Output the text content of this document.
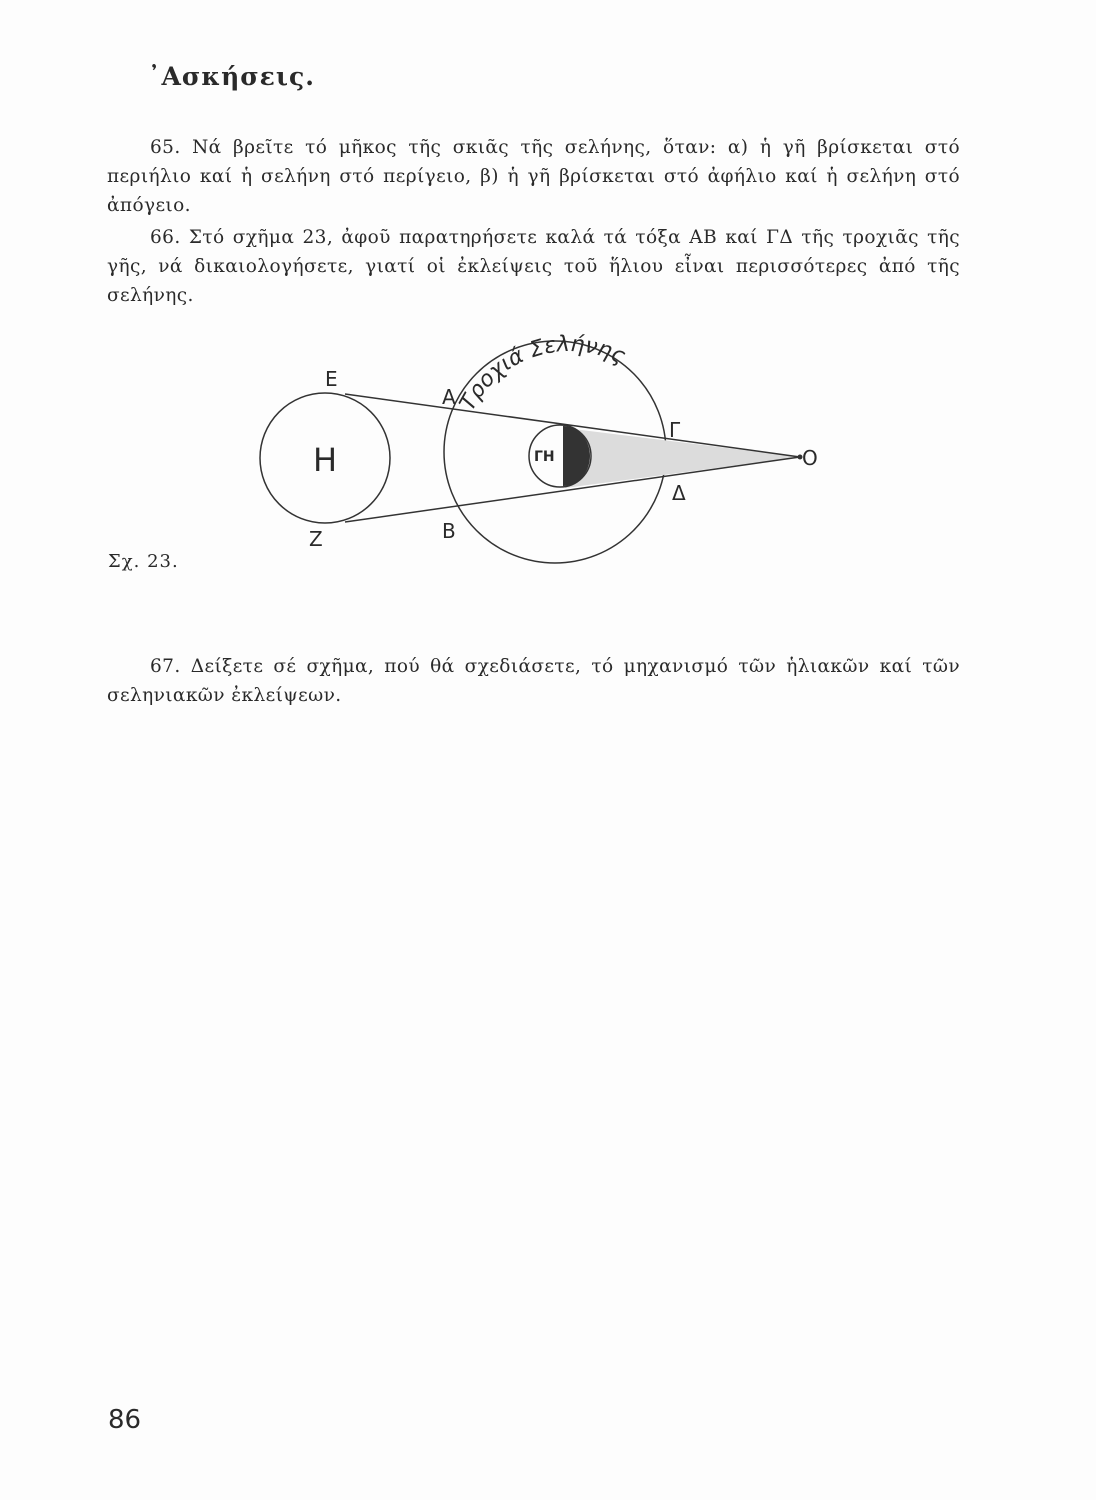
᾿Ασκήσεις.
65. Νά βρεῖτε τό μῆκος τῆς σκιᾶς τῆς σελήνης, ὅταν: α) ἡ γῆ βρίσκεται στό περιήλιο καί ἡ σελήνη στό περίγειο, β) ἡ γῆ βρίσκεται στό ἀφήλιο καί ἡ σελήνη στό ἀπόγειο.
66. Στό σχῆμα 23, ἀφοῦ παρατηρήσετε καλά τά τόξα ΑΒ καί ΓΔ τῆς τροχιᾶς τῆς γῆς, νά δικαιολογήσετε, γιατί οἱ ἐκλείψεις τοῦ ἥλιου εἶναι περισσότερες ἀπό τῆς σελήνης.
Η	ΓΗ
Τροχιά Σελήνης
Ε
Ζ
Α
Β
Γ
Δ
O
Σχ. 23.
67. Δείξετε σέ σχῆμα, πού θά σχεδιάσετε, τό μηχανισμό τῶν ἡλιακῶν καί τῶν σεληνιακῶν ἐκλείψεων.
86
